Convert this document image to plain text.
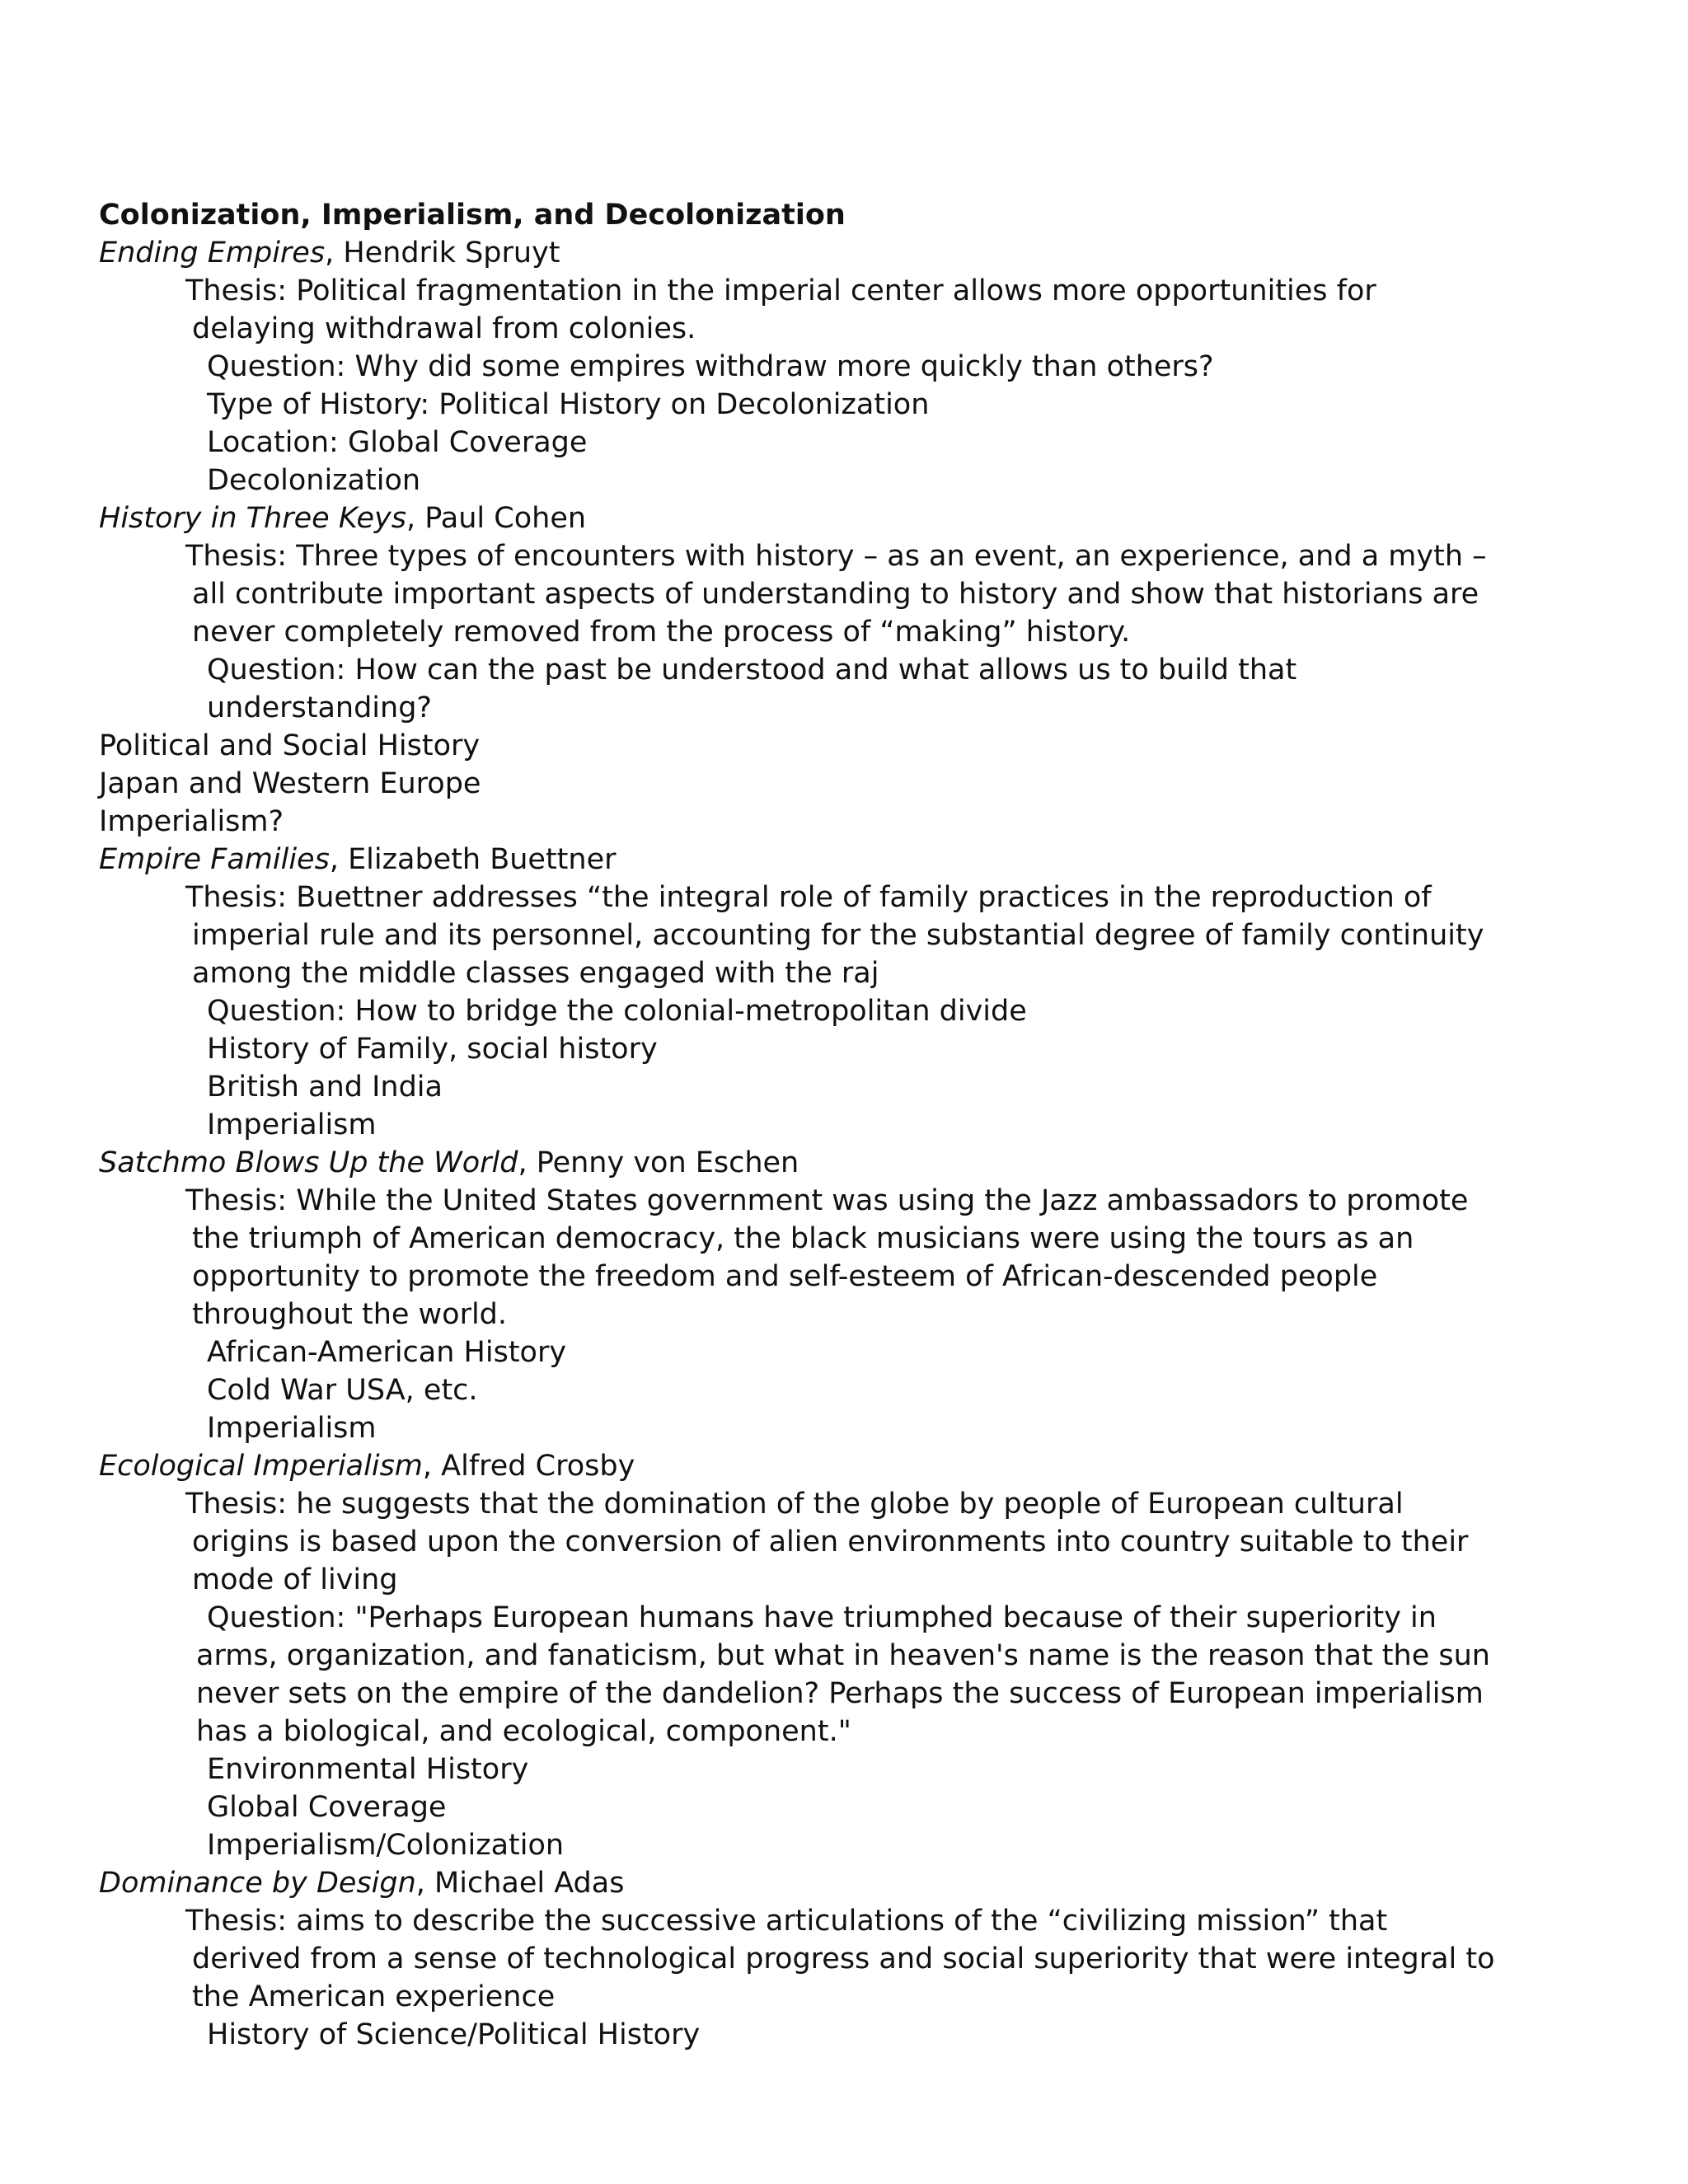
Colonization, Imperialism, and Decolonization
Ending Empires, Hendrik Spruyt
Thesis: Political fragmentation in the imperial center allows more opportunities for delaying withdrawal from colonies.
Question: Why did some empires withdraw more quickly than others?
Type of History: Political History on Decolonization
Location: Global Coverage
Decolonization
History in Three Keys, Paul Cohen
Thesis: Three types of encounters with history – as an event, an experience, and a myth – all contribute important aspects of understanding to history and show that historians are never completely removed from the process of “making” history.
Question: How can the past be understood and what allows us to build that understanding?
Political and Social History
Japan and Western Europe
Imperialism?
Empire Families, Elizabeth Buettner
Thesis: Buettner addresses “the integral role of family practices in the reproduction of imperial rule and its personnel, accounting for the substantial degree of family continuity among the middle classes engaged with the raj
Question: How to bridge the colonial-metropolitan divide
History of Family, social history
British and India
Imperialism
Satchmo Blows Up the World, Penny von Eschen
Thesis: While the United States government was using the Jazz ambassadors to promote the triumph of American democracy, the black musicians were using the tours as an opportunity to promote the freedom and self-esteem of African-descended people throughout the world.
African-American History
Cold War USA, etc.
Imperialism
Ecological Imperialism, Alfred Crosby
Thesis: he suggests that the domination of the globe by people of European cultural origins is based upon the conversion of alien environments into country suitable to their mode of living
Question: "Perhaps European humans have triumphed because of their superiority in arms, organization, and fanaticism, but what in heaven's name is the reason that the sun never sets on the empire of the dandelion? Perhaps the success of European imperialism has a biological, and ecological, component."
Environmental History
Global Coverage
Imperialism/Colonization
Dominance by Design, Michael Adas
Thesis: aims to describe the successive articulations of the “civilizing mission” that derived from a sense of technological progress and social superiority that were integral to the American experience
History of Science/Political History
